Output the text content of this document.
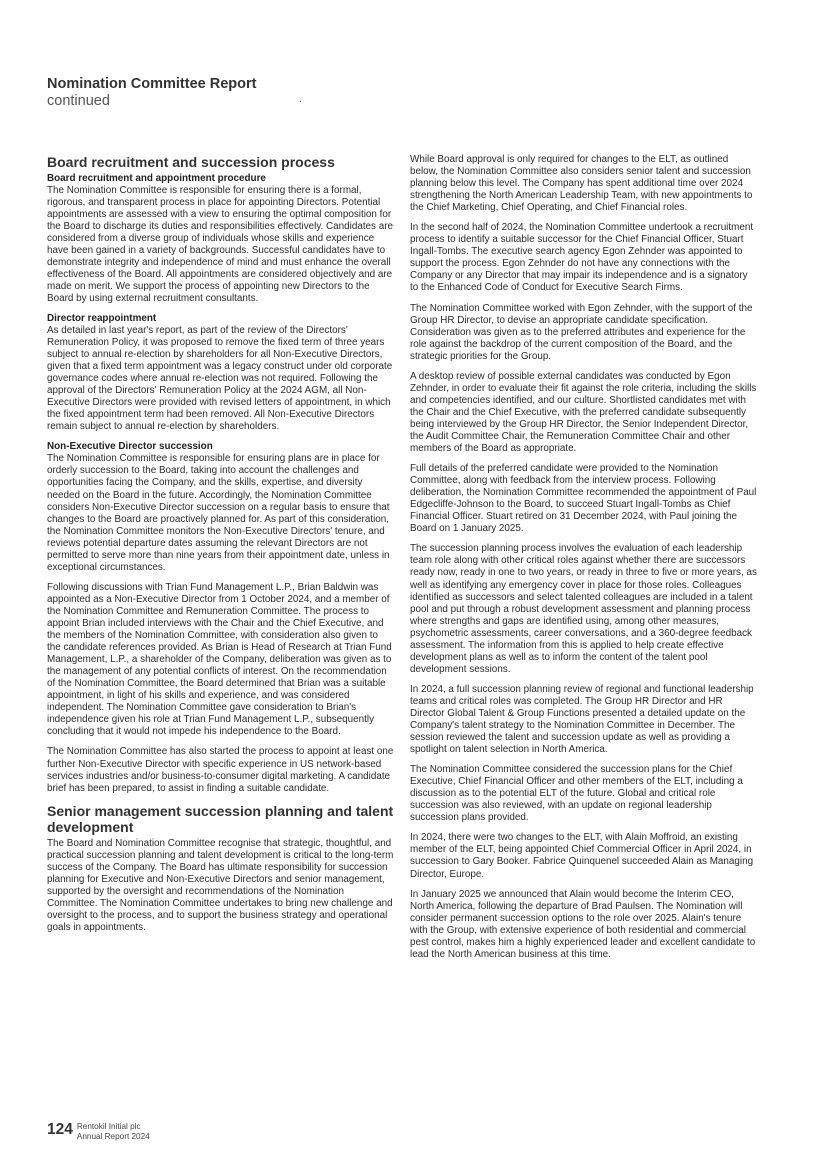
Nomination Committee Report
continued
Board recruitment and succession process
Board recruitment and appointment procedure

The Nomination Committee is responsible for ensuring there is a formal, rigorous, and transparent process in place for appointing Directors. Potential appointments are assessed with a view to ensuring the optimal composition for the Board to discharge its duties and responsibilities effectively. Candidates are considered from a diverse group of individuals whose skills and experience have been gained in a variety of backgrounds. Successful candidates have to demonstrate integrity and independence of mind and must enhance the overall effectiveness of the Board. All appointments are considered objectively and are made on merit. We support the process of appointing new Directors to the Board by using external recruitment consultants.

Director reappointment

As detailed in last year's report, as part of the review of the Directors' Remuneration Policy, it was proposed to remove the fixed term of three years subject to annual re-election by shareholders for all Non-Executive Directors, given that a fixed term appointment was a legacy construct under old corporate governance codes where annual re-election was not required. Following the approval of the Directors' Remuneration Policy at the 2024 AGM, all Non-Executive Directors were provided with revised letters of appointment, in which the fixed appointment term had been removed. All Non-Executive Directors remain subject to annual re-election by shareholders.

Non-Executive Director succession

The Nomination Committee is responsible for ensuring plans are in place for orderly succession to the Board, taking into account the challenges and opportunities facing the Company, and the skills, expertise, and diversity needed on the Board in the future. Accordingly, the Nomination Committee considers Non-Executive Director succession on a regular basis to ensure that changes to the Board are proactively planned for. As part of this consideration, the Nomination Committee monitors the Non-Executive Directors' tenure, and reviews potential departure dates assuming the relevant Directors are not permitted to serve more than nine years from their appointment date, unless in exceptional circumstances.

Following discussions with Trian Fund Management L.P., Brian Baldwin was appointed as a Non-Executive Director from 1 October 2024, and a member of the Nomination Committee and Remuneration Committee. The process to appoint Brian included interviews with the Chair and the Chief Executive, and the members of the Nomination Committee, with consideration also given to the candidate references provided. As Brian is Head of Research at Trian Fund Management, L.P., a shareholder of the Company, deliberation was given as to the management of any potential conflicts of interest. On the recommendation of the Nomination Committee, the Board determined that Brian was a suitable appointment, in light of his skills and experience, and was considered independent. The Nomination Committee gave consideration to Brian's independence given his role at Trian Fund Management L.P., subsequently concluding that it would not impede his independence to the Board.

The Nomination Committee has also started the process to appoint at least one further Non-Executive Director with specific experience in US network-based services industries and/or business-to-consumer digital marketing. A candidate brief has been prepared, to assist in finding a suitable candidate.

Senior management succession planning and talent development

The Board and Nomination Committee recognise that strategic, thoughtful, and practical succession planning and talent development is critical to the long-term success of the Company. The Board has ultimate responsibility for succession planning for Executive and Non-Executive Directors and senior management, supported by the oversight and recommendations of the Nomination Committee. The Nomination Committee undertakes to bring new challenge and oversight to the process, and to support the business strategy and operational goals in appointments.

While Board approval is only required for changes to the ELT, as outlined below, the Nomination Committee also considers senior talent and succession planning below this level. The Company has spent additional time over 2024 strengthening the North American Leadership Team, with new appointments to the Chief Marketing, Chief Operating, and Chief Financial roles.

In the second half of 2024, the Nomination Committee undertook a recruitment process to identify a suitable successor for the Chief Financial Officer, Stuart Ingall-Tombs. The executive search agency Egon Zehnder was appointed to support the process. Egon Zehnder do not have any connections with the Company or any Director that may impair its independence and is a signatory to the Enhanced Code of Conduct for Executive Search Firms.

The Nomination Committee worked with Egon Zehnder, with the support of the Group HR Director, to devise an appropriate candidate specification. Consideration was given as to the preferred attributes and experience for the role against the backdrop of the current composition of the Board, and the strategic priorities for the Group.

A desktop review of possible external candidates was conducted by Egon Zehnder, in order to evaluate their fit against the role criteria, including the skills and competencies identified, and our culture. Shortlisted candidates met with the Chair and the Chief Executive, with the preferred candidate subsequently being interviewed by the Group HR Director, the Senior Independent Director, the Audit Committee Chair, the Remuneration Committee Chair and other members of the Board as appropriate.

Full details of the preferred candidate were provided to the Nomination Committee, along with feedback from the interview process. Following deliberation, the Nomination Committee recommended the appointment of Paul Edgecliffe-Johnson to the Board, to succeed Stuart Ingall-Tombs as Chief Financial Officer. Stuart retired on 31 December 2024, with Paul joining the Board on 1 January 2025.

The succession planning process involves the evaluation of each leadership team role along with other critical roles against whether there are successors ready now, ready in one to two years, or ready in three to five or more years, as well as identifying any emergency cover in place for those roles. Colleagues identified as successors and select talented colleagues are included in a talent pool and put through a robust development assessment and planning process where strengths and gaps are identified using, among other measures, psychometric assessments, career conversations, and a 360-degree feedback assessment. The information from this is applied to help create effective development plans as well as to inform the content of the talent pool development sessions.

In 2024, a full succession planning review of regional and functional leadership teams and critical roles was completed. The Group HR Director and HR Director Global Talent & Group Functions presented a detailed update on the Company's talent strategy to the Nomination Committee in December. The session reviewed the talent and succession update as well as providing a spotlight on talent selection in North America.

The Nomination Committee considered the succession plans for the Chief Executive, Chief Financial Officer and other members of the ELT, including a discussion as to the potential ELT of the future. Global and critical role succession was also reviewed, with an update on regional leadership succession plans provided.

In 2024, there were two changes to the ELT, with Alain Moffroid, an existing member of the ELT, being appointed Chief Commercial Officer in April 2024, in succession to Gary Booker. Fabrice Quinquenel succeeded Alain as Managing Director, Europe.

In January 2025 we announced that Alain would become the Interim CEO, North America, following the departure of Brad Paulsen. The Nomination will consider permanent succession options to the role over 2025. Alain's tenure with the Group, with extensive experience of both residential and commercial pest control, makes him a highly experienced leader and excellent candidate to lead the North American business at this time.

124 Rentokil Initial plc
Annual Report 2024
